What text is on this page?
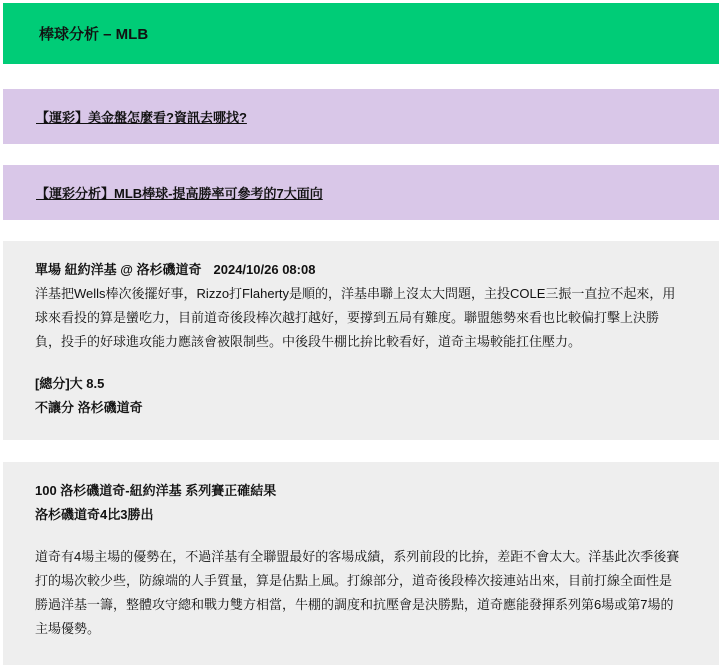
棒球分析 – MLB
【運彩】美金盤怎麼看?資訊去哪找?
【運彩分析】MLB棒球-提高勝率可參考的7大面向

單場 紐約洋基 @ 洛杉磯道奇 2024/10/26 08:08

洋基把Wells棒次後擺好事，Rizzo打Flaherty是順的，洋基串聯上沒太大問題，主投COLE三振一直拉不起來，用球來看投的算是蠻吃力，目前道奇後段棒次越打越好，要撐到五局有難度。聯盟態勢來看也比較偏打擊上決勝負，投手的好球進攻能力應該會被限制些。中後段牛棚比拚比較看好，道奇主場較能扛住壓力。

[總分]大 8.5

不讓分 洛杉磯道奇

100 洛杉磯道奇-紐約洋基 系列賽正確結果

洛杉磯道奇4比3勝出

道奇有4場主場的優勢在，不過洋基有全聯盟最好的客場成績，系列前段的比拚，差距不會太大。洋基此次季後賽打的場次較少些，防線端的人手質量，算是佔點上風。打線部分，道奇後段棒次接連站出來，目前打線全面性是勝過洋基一籌，整體攻守總和戰力雙方相當，牛棚的調度和抗壓會是決勝點，道奇應能發揮系列第6場或第7場的主場優勢。
